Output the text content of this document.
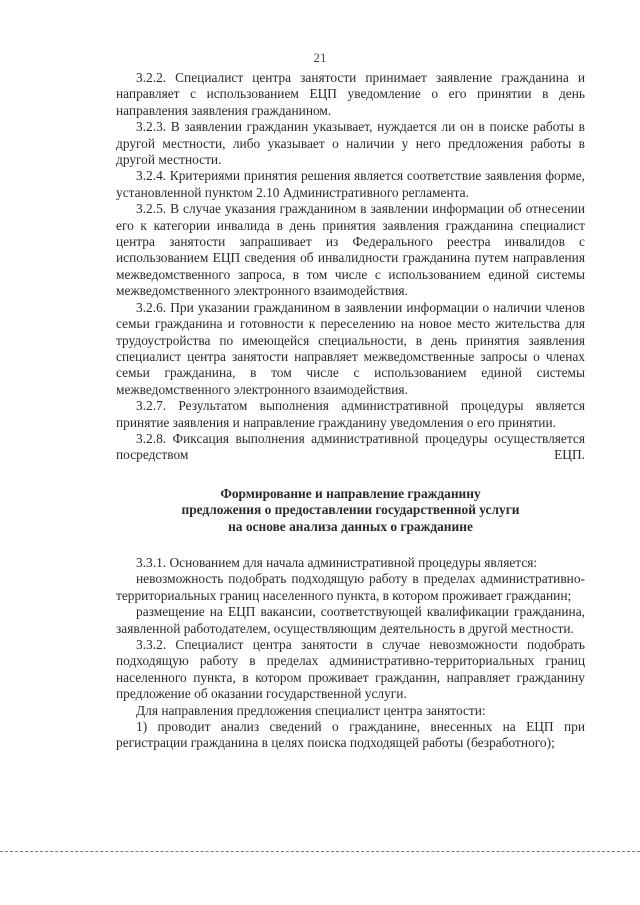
21

3.2.2. Специалист центра занятости принимает заявление гражданина и направляет с использованием ЕЦП уведомление о его принятии в день направления заявления гражданином.

3.2.3. В заявлении гражданин указывает, нуждается ли он в поиске работы в другой местности, либо указывает о наличии у него предложения работы в другой местности.

3.2.4. Критериями принятия решения является соответствие заявления форме, установленной пунктом 2.10 Административного регламента.

3.2.5. В случае указания гражданином в заявлении информации об отнесении его к категории инвалида в день принятия заявления гражданина специалист центра занятости запрашивает из Федерального реестра инвалидов с использованием ЕЦП сведения об инвалидности гражданина путем направления межведомственного запроса, в том числе с использованием единой системы межведомственного электронного взаимодействия.

3.2.6. При указании гражданином в заявлении информации о наличии членов семьи гражданина и готовности к переселению на новое место жительства для трудоустройства по имеющейся специальности, в день принятия заявления специалист центра занятости направляет межведомственные запросы о членах семьи гражданина, в том числе с использованием единой системы межведомственного электронного взаимодействия.

3.2.7. Результатом выполнения административной процедуры является принятие заявления и направление гражданину уведомления о его принятии.

3.2.8. Фиксация выполнения административной процедуры осуществляется посредством ЕЦП.

Формирование и направление гражданину
предложения о предоставлении государственной услуги
на основе анализа данных о гражданине

3.3.1. Основанием для начала административной процедуры является:

невозможность подобрать подходящую работу в пределах административно-территориальных границ населенного пункта, в котором проживает гражданин;

размещение на ЕЦП вакансии, соответствующей квалификации гражданина, заявленной работодателем, осуществляющим деятельность в другой местности.

3.3.2. Специалист центра занятости в случае невозможности подобрать подходящую работу в пределах административно-территориальных границ населенного пункта, в котором проживает гражданин, направляет гражданину предложение об оказании государственной услуги.

Для направления предложения специалист центра занятости:

1) проводит анализ сведений о гражданине, внесенных на ЕЦП при регистрации гражданина в целях поиска подходящей работы (безработного);
